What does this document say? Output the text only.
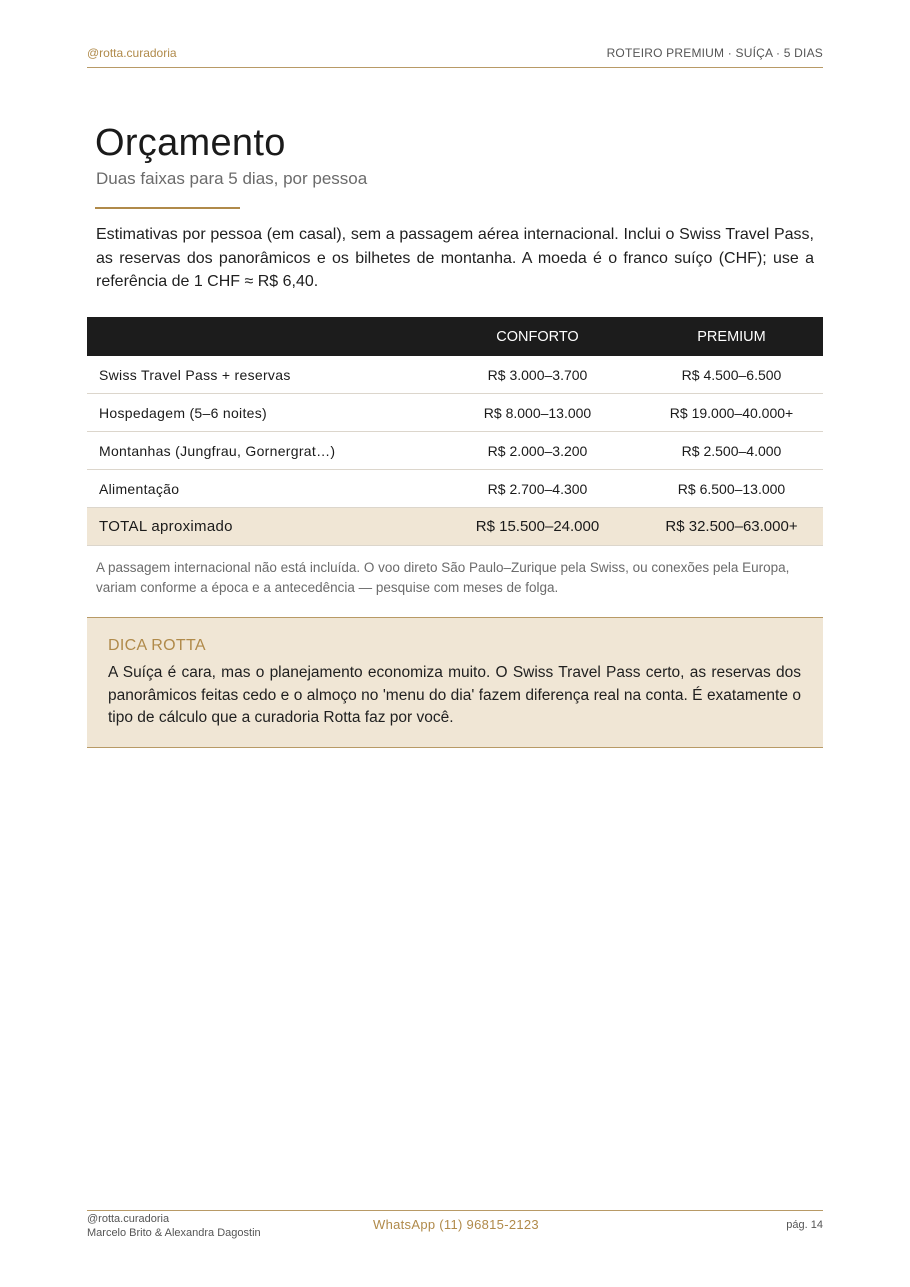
@rotta.curadoria	ROTEIRO PREMIUM · SUÍÇA · 5 DIAS
Orçamento
Duas faixas para 5 dias, por pessoa

Estimativas por pessoa (em casal), sem a passagem aérea internacional. Inclui o Swiss Travel Pass, as reservas dos panorâmicos e os bilhetes de montanha. A moeda é o franco suíço (CHF); use a referência de 1 CHF ≈ R$ 6,40.

	CONFORTO	PREMIUM
Swiss Travel Pass + reservas	R$ 3.000–3.700	R$ 4.500–6.500
Hospedagem (5–6 noites)	R$ 8.000–13.000	R$ 19.000–40.000+
Montanhas (Jungfrau, Gornergrat…)	R$ 2.000–3.200	R$ 2.500–4.000
Alimentação	R$ 2.700–4.300	R$ 6.500–13.000
TOTAL aproximado	R$ 15.500–24.000	R$ 32.500–63.000+

A passagem internacional não está incluída. O voo direto São Paulo–Zurique pela Swiss, ou conexões pela Europa, variam conforme a época e a antecedência — pesquise com meses de folga.

DICA ROTTA

A Suíça é cara, mas o planejamento economiza muito. O Swiss Travel Pass certo, as reservas dos panorâmicos feitas cedo e o almoço no 'menu do dia' fazem diferença real na conta. É exatamente o tipo de cálculo que a curadoria Rotta faz por você.

@rotta.curadoria
Marcelo Brito & Alexandra Dagostin
WhatsApp (11) 96815-2123	pág. 14
